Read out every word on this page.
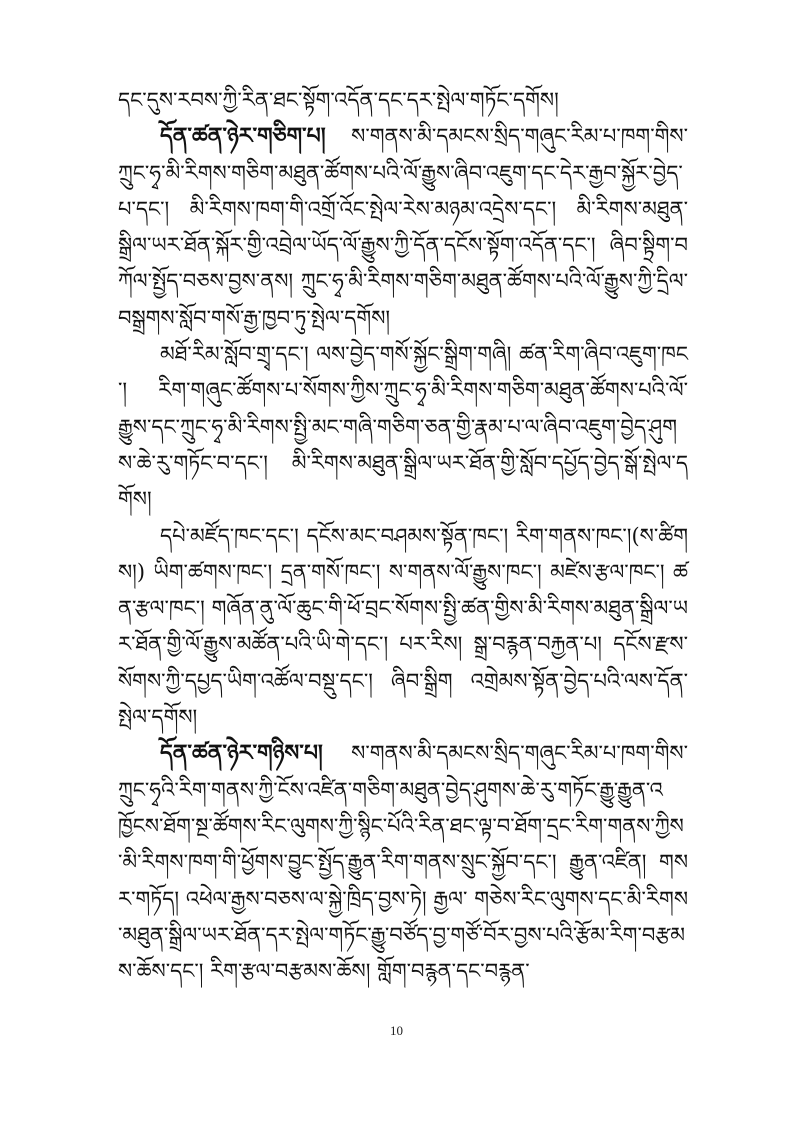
དང་དུས་རབས་ཀྱི་རིན་ཐང་སྟོག་འདོན་དང་དར་སྤེལ་གཏོང་དགོས།

དོན་ཚན་ཉེར་གཅིག་པ། ས་གནས་མི་དམངས་སྲིད་གཞུང་རིམ་པ་ཁག་གིས་ཀྲུང་ཧྭ་མི་རིགས་གཅིག་མཐུན་ཚོགས་པའི་ལོ་རྒྱུས་ཞིབ་འཇུག་དང་དེར་རྒྱབ་སྐྱོར་བྱེད་པ་དང་། མི་རིགས་ཁག་གི་འགྲོ་འོང་སྤེལ་རེས་མཉམ་འདྲེས་དང་། མི་རིགས་མཐུན་སྒྲིལ་ཡར་ཐོན་སྐོར་གྱི་འབྲེལ་ཡོད་ལོ་རྒྱུས་ཀྱི་དོན་དངོས་སྟོག་འདོན་དང་། ཞིབ་སྟྲིག་བཀོལ་སྤྱོད་བཅས་བྱས་ནས། ཀྲུང་ཧྭ་མི་རིགས་གཅིག་མཐུན་ཚོགས་པའི་ལོ་རྒྱུས་ཀྱི་དྲིལ་བསྒྲགས་སློབ་གསོ་རྒྱ་ཁྱབ་ཏུ་སྤེལ་དགོས།

མཐོ་རིམ་སློབ་གྲྭ་དང་། ལས་བྱེད་གསོ་སྐྱོང་སྒྲིག་གཞི། ཚན་རིག་ཞིབ་འཇུག་ཁང་། རིག་གཞུང་ཚོགས་པ་སོགས་ཀྱིས་ཀྲུང་ཧྭ་མི་རིགས་གཅིག་མཐུན་ཚོགས་པའི་ལོ་རྒྱུས་དང་ཀྲུང་ཧྭ་མི་རིགས་སྤྱི་མང་གཞི་གཅིག་ཅན་གྱི་རྣམ་པ་ལ་ཞིབ་འཇུག་བྱེད་ཤུགས་ཆེ་རུ་གཏོང་བ་དང་། མི་རིགས་མཐུན་སྒྲིལ་ཡར་ཐོན་གྱི་སློབ་དཔྱོད་བྱེད་སྒོ་སྤེལ་དགོས།

དཔེ་མཛོད་ཁང་དང་། དངོས་མང་བཤམས་སྟོན་ཁང་། རིག་གནས་ཁང་།(ས་ཚིགས།) ཡིག་ཚགས་ཁང་། དྲན་གསོ་ཁང་། ས་གནས་ལོ་རྒྱུས་ཁང་། མཛེས་རྩལ་ཁང་། ཚན་རྩལ་ཁང་། གཞོན་ནུ་ལོ་ཆུང་གི་ཕོ་བྲང་སོགས་སྤྱི་ཚན་གྱིས་མི་རིགས་མཐུན་སྒྲིལ་ཡར་ཐོན་གྱི་ལོ་རྒྱུས་མཚོན་པའི་ཡི་གེ་དང་། པར་རིས། སྒྲ་བརྙན་བརྐྱན་པ། དངོས་རྫས་སོགས་ཀྱི་དཔྱད་ཡིག་འཚོལ་བསྡུ་དང་། ཞིབ་སྒྲིག འགྲེམས་སྟོན་བྱེད་པའི་ལས་དོན་སྤེལ་དགོས།

དོན་ཚན་ཉེར་གཉིས་པ། ས་གནས་མི་དམངས་སྲིད་གཞུང་རིམ་པ་ཁག་གིས་ཀྲུང་ཧྭའི་རིག་གནས་ཀྱི་ངོས་འཛིན་གཅིག་མཐུན་བྱེད་ཤུགས་ཆེ་རུ་གཏོང་རྒྱུ་རྒྱུན་འཁྱོངས་ཐོག་སྔ་ཚོགས་རིང་ལུགས་ཀྱི་སྙིང་པོའི་རིན་ཐང་ལྟ་བ་ཐོག་དྲང་རིག་གནས་ཀྱིས་མི་རིགས་ཁག་གི་ཕྱོགས་བྱུང་སྤྱོད་རྒྱུན་རིག་གནས་སྲུང་སྐྱོབ་དང་། རྒྱུན་འཛིན། གསར་གཏོད། འཕེལ་རྒྱས་བཅས་ལ་སྐྱེ་ཁྲིད་བྱས་ཏེ། རྒྱལ་ གཅེས་རིང་ལུགས་དང་མི་རིགས་མཐུན་སྒྲིལ་ཡར་ཐོན་དར་སྤེལ་གཏོང་རྒྱུ་བཙོད་བྱ་གཙོ་བོར་བྱས་པའི་རྩོམ་རིག་བརྩམས་ཆོས་དང་། རིག་རྩལ་བརྩམས་ཆོས། གློག་བརྙན་དང་བརྙན་

10
